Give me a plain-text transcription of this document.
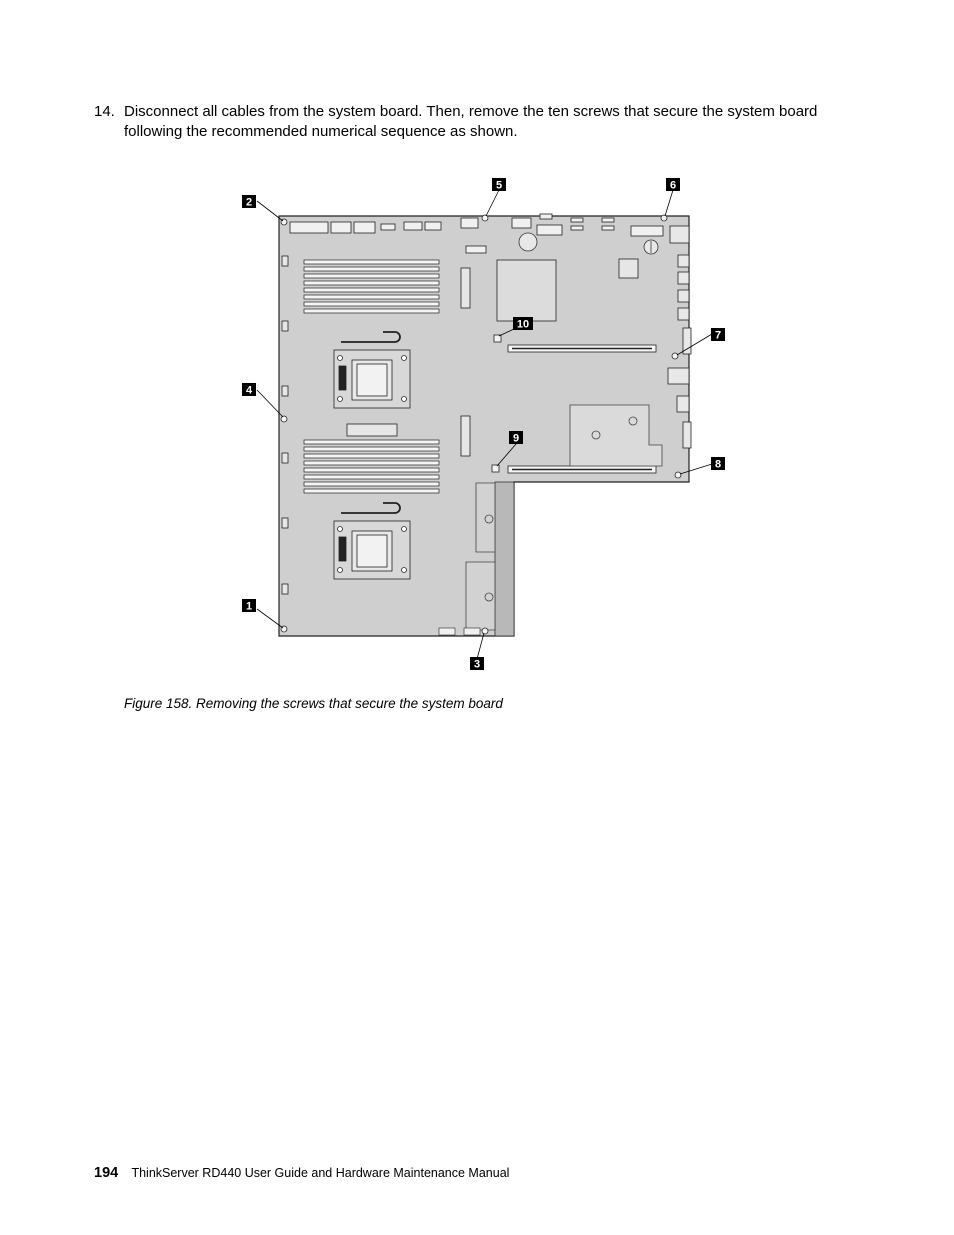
14. Disconnect all cables from the system board. Then, remove the ten screws that secure the system board following the recommended numerical sequence as shown.
1
2
3
4
5	6
7
8
9
10
Figure 158. Removing the screws that secure the system board
194 ThinkServer RD440 User Guide and Hardware Maintenance Manual
